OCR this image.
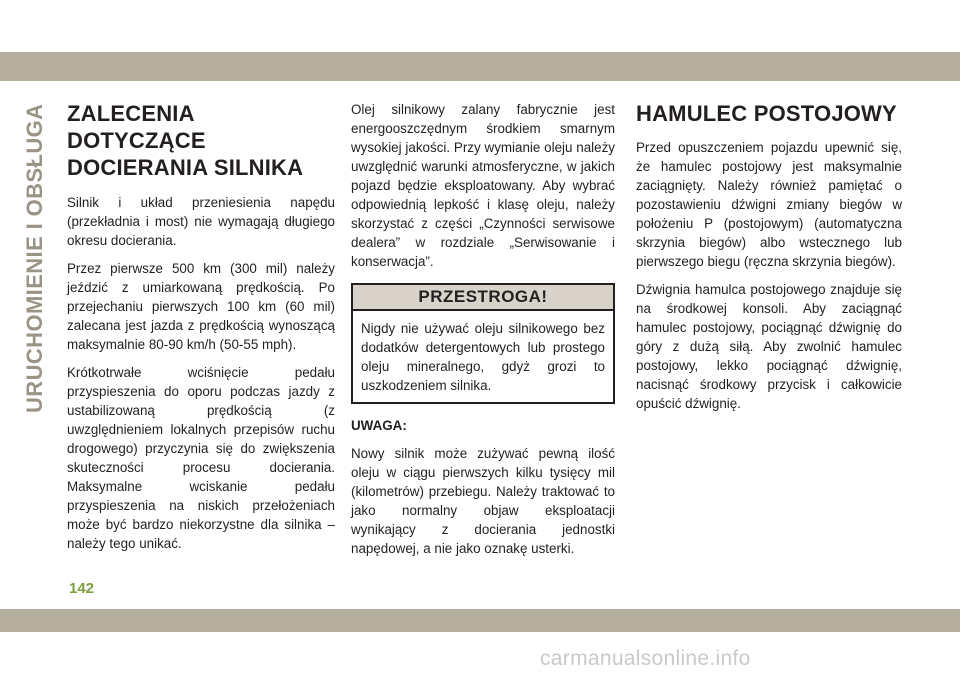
URUCHOMIENIE I OBSŁUGA ZALECENIA DOTYCZĄCE
DOCIERANIA SILNIKA

Silnik i układ przeniesienia napędu (przekładnia i most) nie wymagają długiego okresu docierania.

Przez pierwsze 500 km (300 mil) należy jeździć z umiarkowaną prędkością. Po przejechaniu pierwszych 100 km (60 mil) zalecana jest jazda z prędkością wynoszącą maksymalnie 80-90 km/h (50-55 mph).

Krótkotrwałe wciśnięcie pedału przyspieszenia do oporu podczas jazdy z ustabilizowaną prędkością (z uwzględnieniem lokalnych przepisów ruchu drogowego) przyczynia się do zwiększenia skuteczności procesu docierania. Maksymalne wciskanie pedału przyspieszenia na niskich przełożeniach może być bardzo niekorzystne dla silnika – należy tego unikać.

Olej silnikowy zalany fabrycznie jest energooszczędnym środkiem smarnym wysokiej jakości. Przy wymianie oleju należy uwzględnić warunki atmosferyczne, w jakich pojazd będzie eksploatowany. Aby wybrać odpowiednią lepkość i klasę oleju, należy skorzystać z części „Czynności serwisowe dealera” w rozdziale „Serwisowanie i konserwacja”.

PRZESTROGA!
Nigdy nie używać oleju silnikowego bez dodatków detergentowych lub prostego oleju mineralnego, gdyż grozi to uszkodzeniem silnika.

UWAGA:

Nowy silnik może zużywać pewną ilość oleju w ciągu pierwszych kilku tysięcy mil (kilometrów) przebiegu. Należy traktować to jako normalny objaw eksploatacji wynikający z docierania jednostki napędowej, a nie jako oznakę usterki.

HAMULEC POSTOJOWY

Przed opuszczeniem pojazdu upewnić się, że hamulec postojowy jest maksymalnie zaciągnięty. Należy również pamiętać o pozostawieniu dźwigni zmiany biegów w położeniu P (postojowym) (automatyczna skrzynia biegów) albo wstecznego lub pierwszego biegu (ręczna skrzynia biegów).

Dźwignia hamulca postojowego znajduje się na środkowej konsoli. Aby zaciągnąć hamulec postojowy, pociągnąć dźwignię do góry z dużą siłą. Aby zwolnić hamulec postojowy, lekko pociągnąć dźwignię, nacisnąć środkowy przycisk i całkowicie opuścić dźwignię.

142
carmanualsonline.info
